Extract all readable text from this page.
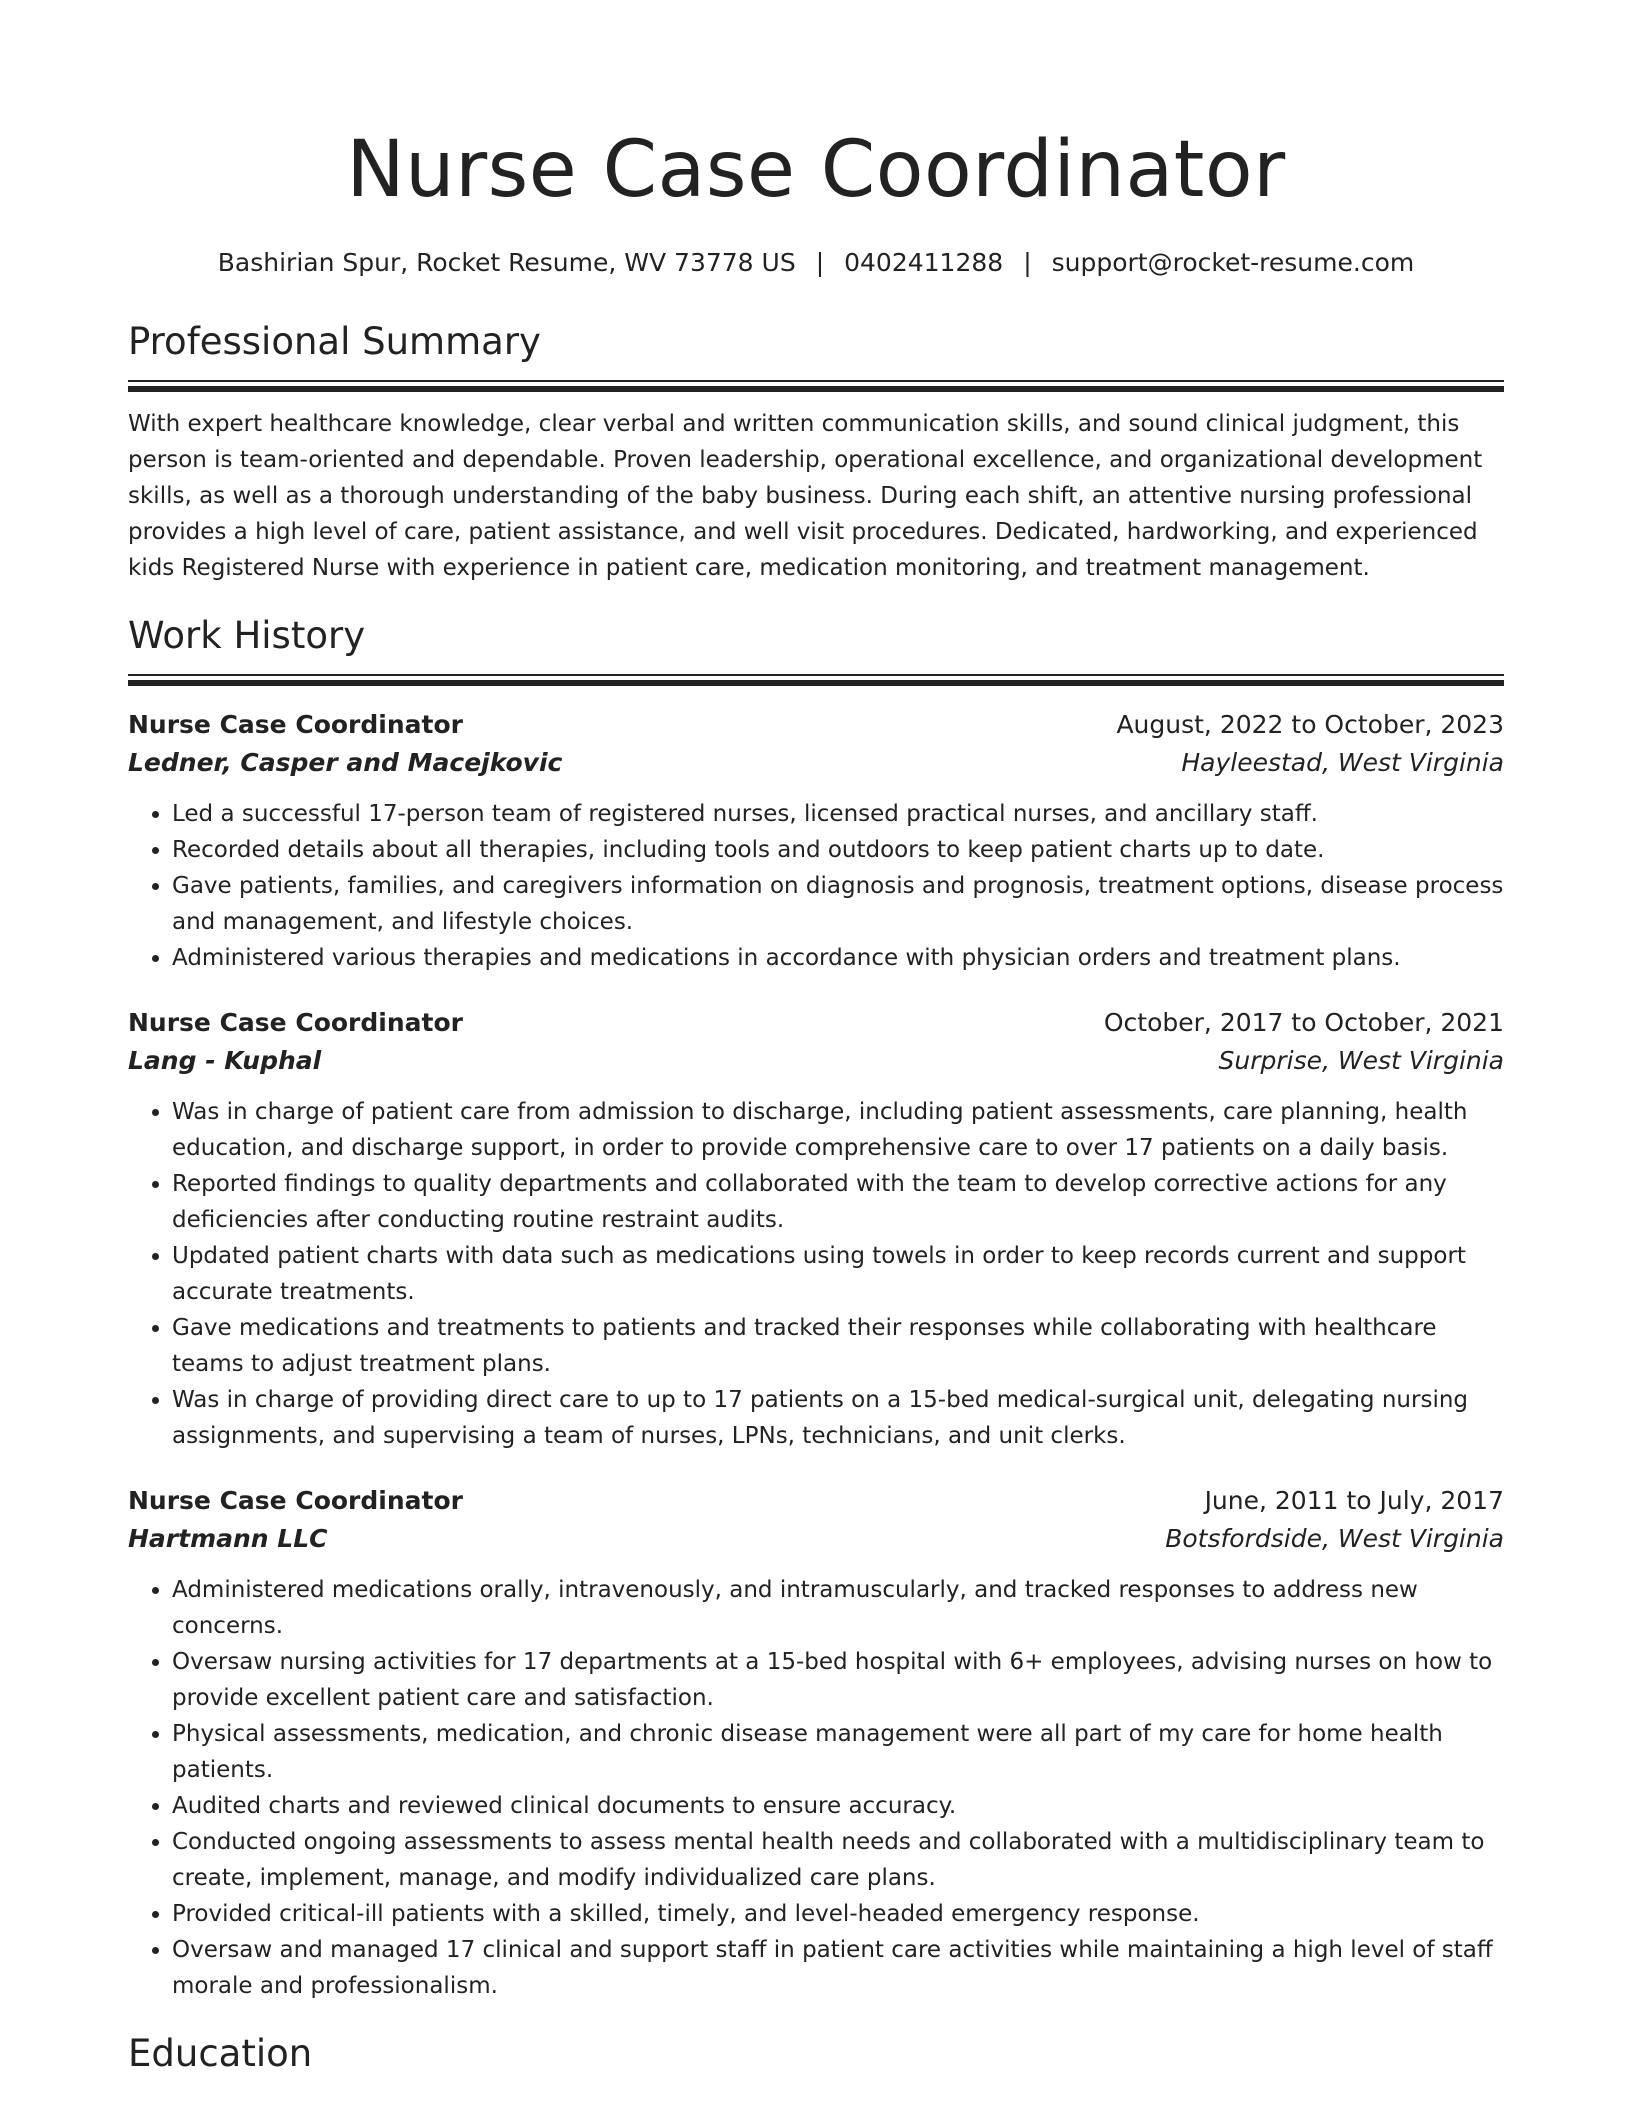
Nurse Case Coordinator
Bashirian Spur, Rocket Resume, WV 73778 US | 0402411288 | support@rocket-resume.com
Professional Summary
With expert healthcare knowledge, clear verbal and written communication skills, and sound clinical judgment, this person is team-oriented and dependable. Proven leadership, operational excellence, and organizational development skills, as well as a thorough understanding of the baby business. During each shift, an attentive nursing professional provides a high level of care, patient assistance, and well visit procedures. Dedicated, hardworking, and experienced kids Registered Nurse with experience in patient care, medication monitoring, and treatment management.
Work History
Nurse Case Coordinator	August, 2022 to October, 2023
Ledner, Casper and Macejkovic	Hayleestad, West Virginia
• Led a successful 17-person team of registered nurses, licensed practical nurses, and ancillary staff.
• Recorded details about all therapies, including tools and outdoors to keep patient charts up to date.
• Gave patients, families, and caregivers information on diagnosis and prognosis, treatment options, disease process and management, and lifestyle choices.
• Administered various therapies and medications in accordance with physician orders and treatment plans.
Nurse Case Coordinator	October, 2017 to October, 2021
Lang - Kuphal	Surprise, West Virginia
• Was in charge of patient care from admission to discharge, including patient assessments, care planning, health education, and discharge support, in order to provide comprehensive care to over 17 patients on a daily basis.
• Reported findings to quality departments and collaborated with the team to develop corrective actions for any deficiencies after conducting routine restraint audits.
• Updated patient charts with data such as medications using towels in order to keep records current and support accurate treatments.
• Gave medications and treatments to patients and tracked their responses while collaborating with healthcare teams to adjust treatment plans.
• Was in charge of providing direct care to up to 17 patients on a 15-bed medical-surgical unit, delegating nursing assignments, and supervising a team of nurses, LPNs, technicians, and unit clerks.
Nurse Case Coordinator	June, 2011 to July, 2017
Hartmann LLC	Botsfordside, West Virginia
• Administered medications orally, intravenously, and intramuscularly, and tracked responses to address new concerns.
• Oversaw nursing activities for 17 departments at a 15-bed hospital with 6+ employees, advising nurses on how to provide excellent patient care and satisfaction.
• Physical assessments, medication, and chronic disease management were all part of my care for home health patients.
• Audited charts and reviewed clinical documents to ensure accuracy.
• Conducted ongoing assessments to assess mental health needs and collaborated with a multidisciplinary team to create, implement, manage, and modify individualized care plans.
• Provided critical-ill patients with a skilled, timely, and level-headed emergency response.
• Oversaw and managed 17 clinical and support staff in patient care activities while maintaining a high level of staff morale and professionalism.
Education
